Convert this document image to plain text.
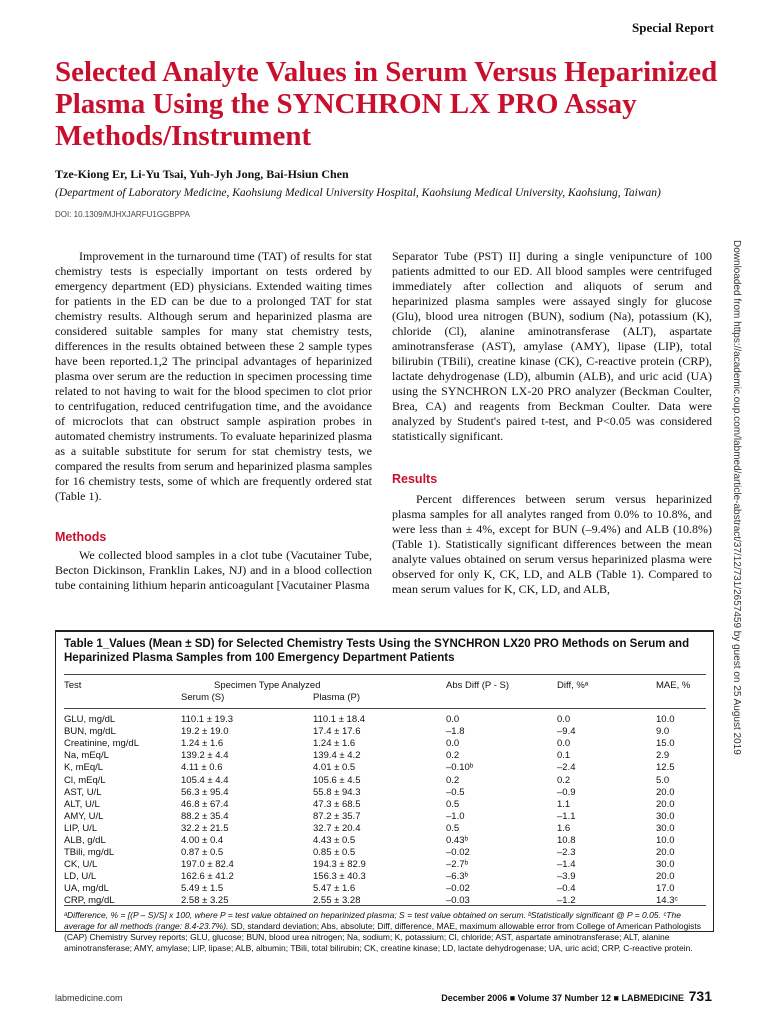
Special Report
Selected Analyte Values in Serum Versus Heparinized Plasma Using the SYNCHRON LX PRO Assay Methods/Instrument
Tze-Kiong Er, Li-Yu Tsai, Yuh-Jyh Jong, Bai-Hsiun Chen
(Department of Laboratory Medicine, Kaohsiung Medical University Hospital, Kaohsiung Medical University, Kaohsiung, Taiwan)
DOI: 10.1309/MJHXJARFU1GGBPPA

Improvement in the turnaround time (TAT) of results for stat chemistry tests is especially important on tests ordered by emergency department (ED) physicians. Extended waiting times for patients in the ED can be due to a prolonged TAT for stat chemistry results. Although serum and heparinized plasma are considered suitable samples for many stat chemistry tests, differences in the results obtained between these 2 sample types have been reported.1,2 The principal advantages of heparinized plasma over serum are the reduction in specimen processing time related to not having to wait for the blood specimen to clot prior to centrifugation, reduced centrifugation time, and the avoidance of microclots that can obstruct sample aspiration probes in automated chemistry instruments. To evaluate heparinized plasma as a suitable substitute for serum for stat chemistry tests, we compared the results from serum and heparinized plasma samples for 16 chemistry tests, some of which are frequently ordered stat (Table 1).

Methods

We collected blood samples in a clot tube (Vacutainer Tube, Becton Dickinson, Franklin Lakes, NJ) and in a blood collection tube containing lithium heparin anticoagulant [Vacutainer Plasma

Separator Tube (PST) II] during a single venipuncture of 100 patients admitted to our ED. All blood samples were centrifuged immediately after collection and aliquots of serum and heparinized plasma samples were assayed singly for glucose (Glu), blood urea nitrogen (BUN), sodium (Na), potassium (K), chloride (Cl), alanine aminotransferase (ALT), aspartate aminotransferase (AST), amylase (AMY), lipase (LIP), total bilirubin (TBili), creatine kinase (CK), C-reactive protein (CRP), lactate dehydrogenase (LD), albumin (ALB), and uric acid (UA) using the SYNCHRON LX-20 PRO analyzer (Beckman Coulter, Brea, CA) and reagents from Beckman Coulter. Data were analyzed by Student's paired t-test, and P<0.05 was considered statistically significant.

Results

Percent differences between serum versus heparinized plasma samples for all analytes ranged from 0.0% to 10.8%, and were less than ± 4%, except for BUN (–9.4%) and ALB (10.8%) (Table 1). Statistically significant differences between the mean analyte values obtained on serum versus heparinized plasma were observed for only K, CK, LD, and ALB (Table 1). Compared to mean serum values for K, CK, LD, and ALB,	Downloaded from https://academic.oup.com/labmed/article-abstract/37/12/731/2657459 by guest on 25 August 2019
Table 1_Values (Mean ± SD) for Selected Chemistry Tests Using the SYNCHRON LX20 PRO Methods on Serum and Heparinized Plasma Samples from 100 Emergency Department Patients
Test	Specimen Type Analyzed
Serum (S)	Plasma (P)
Abs Diff (P - S)	Diff, %ᵃ	MAE, %
GLU, mg/dL	110.1 ± 19.3	110.1 ± 18.4	0.0	0.0	10.0
BUN, mg/dL	19.2 ± 19.0	17.4 ± 17.6	–1.8	–9.4	9.0
Creatinine, mg/dL	1.24 ± 1.6	1.24 ± 1.6	0.0	0.0	15.0
Na, mEq/L	139.2 ± 4.4	139.4 ± 4.2	0.2	0.1	2.9
K, mEq/L	4.11 ± 0.6	4.01 ± 0.5	–0.10ᵇ	–2.4	12.5
Cl, mEq/L	105.4 ± 4.4	105.6 ± 4.5	0.2	0.2	5.0
AST, U/L	56.3 ± 95.4	55.8 ± 94.3	–0.5	–0.9	20.0
ALT, U/L	46.8 ± 67.4	47.3 ± 68.5	0.5	1.1	20.0
AMY, U/L	88.2 ± 35.4	87.2 ± 35.7	–1.0	–1.1	30.0
LIP, U/L	32.2 ± 21.5	32.7 ± 20.4	0.5	1.6	30.0
ALB, g/dL	4.00 ± 0.4	4.43 ± 0.5	0.43ᵇ	10.8	10.0
TBili, mg/dL	0.87 ± 0.5	0.85 ± 0.5	–0.02	–2.3	20.0
CK, U/L	197.0 ± 82.4	194.3 ± 82.9	–2.7ᵇ	–1.4	30.0
LD, U/L	162.6 ± 41.2	156.3 ± 40.3	–6.3ᵇ	–3.9	20.0
UA, mg/dL	5.49 ± 1.5	5.47 ± 1.6	–0.02	–0.4	17.0
CRP, mg/dL	2.58 ± 3.25	2.55 ± 3.28	–0.03	–1.2	14.3ᶜ
ᵃDifference, % = [(P – S)/S] x 100, where P = test value obtained on heparinized plasma; S = test value obtained on serum. ᵇStatistically significant @ P = 0.05. ᶜThe average for all methods (range: 8.4-23.7%). SD, standard deviation; Abs, absolute; Diff, difference, MAE, maximum allowable error from College of American Pathologists (CAP) Chemistry Survey reports; GLU, glucose; BUN, blood urea nitrogen; Na, sodium; K, potassium; Cl, chloride; AST, aspartate aminotransferase; ALT, alanine aminotransferase; AMY, amylase; LIP, lipase; ALB, albumin; TBili, total bilirubin; CK, creatine kinase; LD, lactate dehydrogenase; UA, uric acid; CRP, C-reactive protein.
labmedicine.com	December 2006 ■ Volume 37 Number 12 ■ LABMEDICINE 731
